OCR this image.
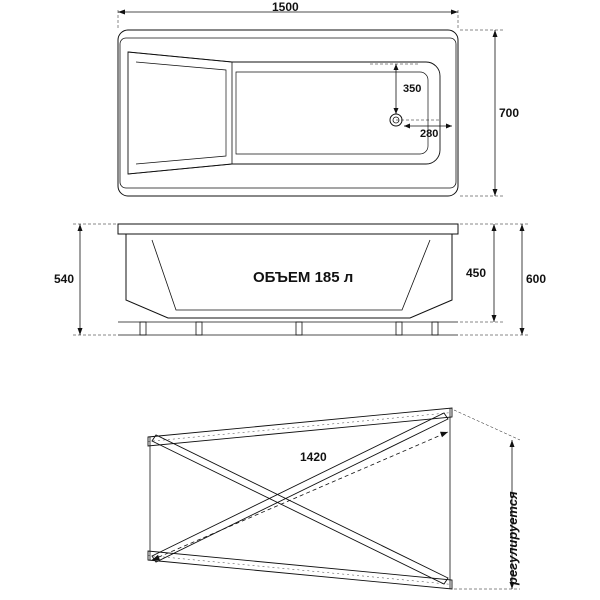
1500
700
350
280
ОБЪЕМ 185 л
540	450	600
1420
регулируется
